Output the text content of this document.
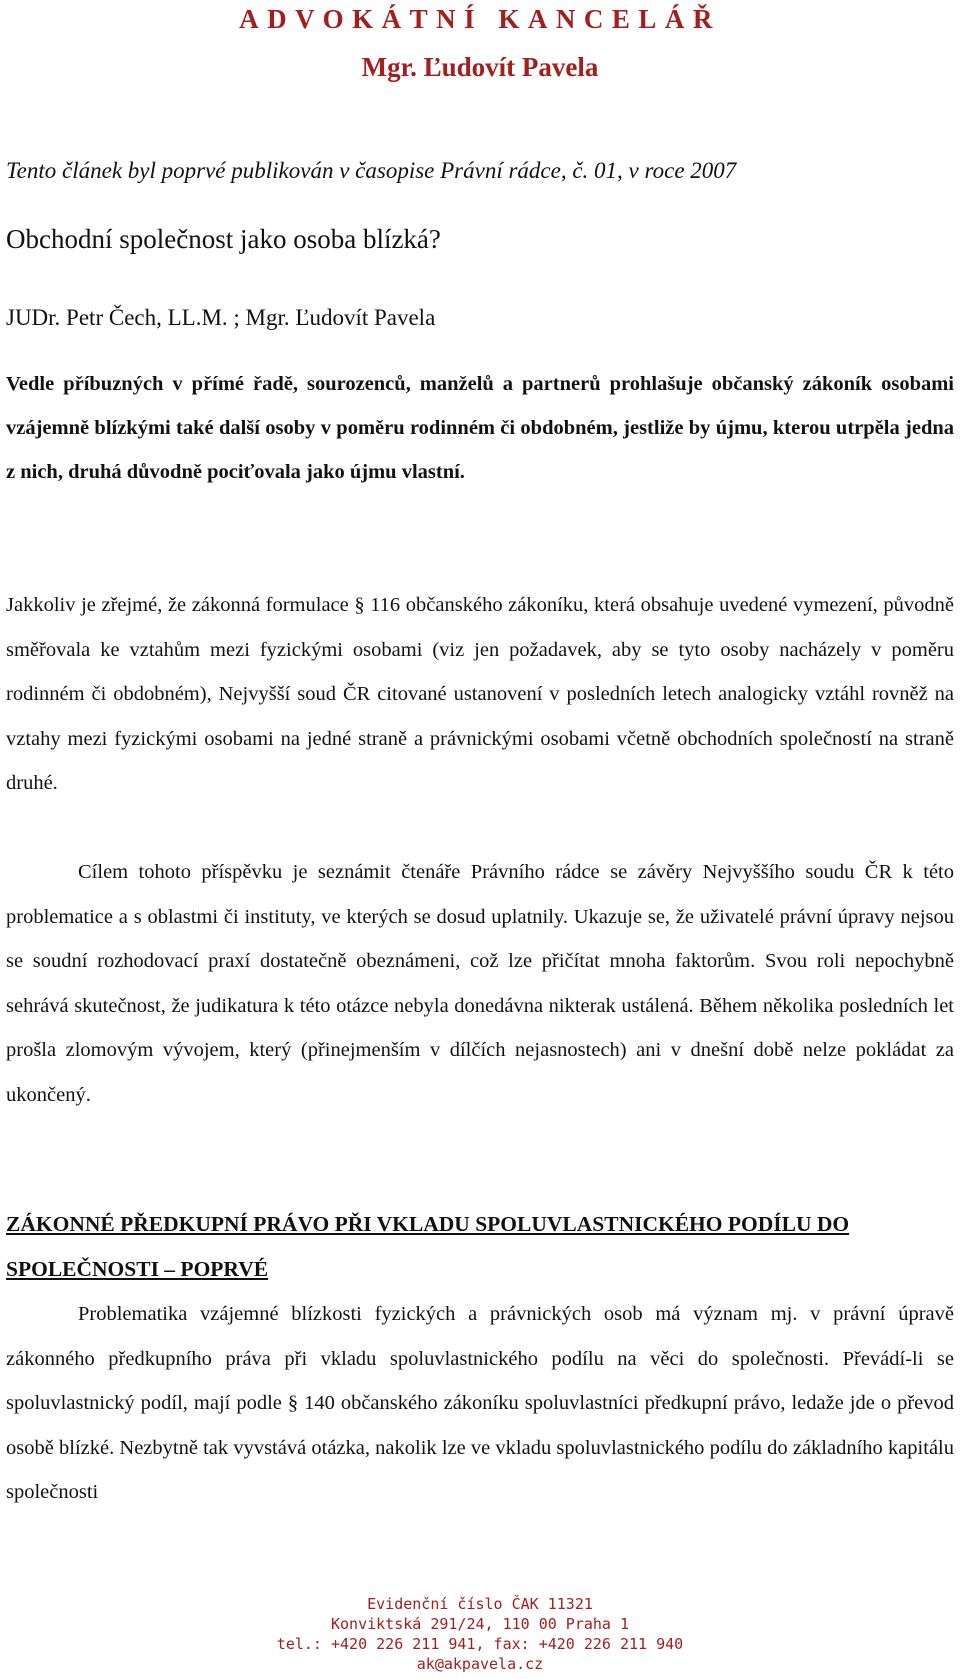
ADVOKÁTNÍ KANCELÁŘ
Mgr. Ľudovít Pavela
Tento článek byl poprvé publikován v časopise Právní rádce, č. 01, v roce 2007
Obchodní společnost jako osoba blízká?
JUDr. Petr Čech, LL.M. ; Mgr. Ľudovít Pavela

Vedle příbuzných v přímé řadě, sourozenců, manželů a partnerů prohlašuje občanský zákoník osobami vzájemně blízkými také další osoby v poměru rodinném či obdobném, jestliže by újmu, kterou utrpěla jedna z nich, druhá důvodně pociťovala jako újmu vlastní.

Jakkoliv je zřejmé, že zákonná formulace § 116 občanského zákoníku, která obsahuje uvedené vymezení, původně směřovala ke vztahům mezi fyzickými osobami (viz jen požadavek, aby se tyto osoby nacházely v poměru rodinném či obdobném), Nejvyšší soud ČR citované ustanovení v posledních letech analogicky vztáhl rovněž na vztahy mezi fyzickými osobami na jedné straně a právnickými osobami včetně obchodních společností na straně druhé.

Cílem tohoto příspěvku je seznámit čtenáře Právního rádce se závěry Nejvyššího soudu ČR k této problematice a s oblastmi či instituty, ve kterých se dosud uplatnily. Ukazuje se, že uživatelé právní úpravy nejsou se soudní rozhodovací praxí dostatečně obeznámeni, což lze přičítat mnoha faktorům. Svou roli nepochybně sehrává skutečnost, že judikatura k této otázce nebyla donedávna nikterak ustálená. Během několika posledních let prošla zlomovým vývojem, který (přinejmenším v dílčích nejasnostech) ani v dnešní době nelze pokládat za ukončený.

ZÁKONNÉ PŘEDKUPNÍ PRÁVO PŘI VKLADU SPOLUVLASTNICKÉHO PODÍLU DO SPOLEČNOSTI – POPRVÉ

Problematika vzájemné blízkosti fyzických a právnických osob má význam mj. v právní úpravě zákonného předkupního práva při vkladu spoluvlastnického podílu na věci do společnosti. Převádí-li se spoluvlastnický podíl, mají podle § 140 občanského zákoníku spoluvlastníci předkupní právo, ledaže jde o převod osobě blízké. Nezbytně tak vyvstává otázka, nakolik lze ve vkladu spoluvlastnického podílu do základního kapitálu společnosti

Evidenční číslo ČAK 11321
Konviktská 291/24, 110 00 Praha 1
tel.: +420 226 211 941, fax: +420 226 211 940
ak@akpavela.cz
